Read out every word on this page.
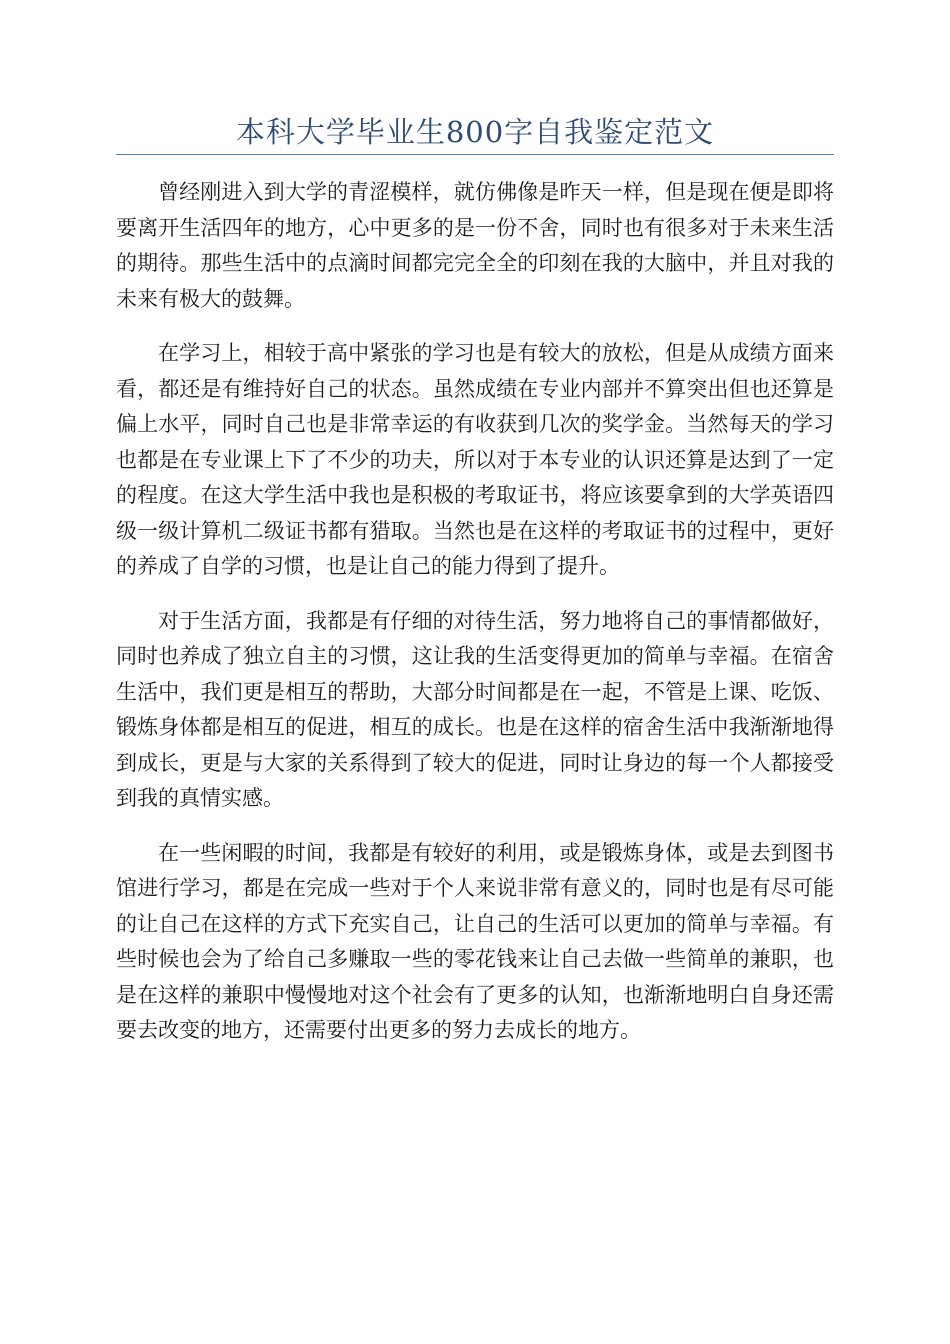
本科大学毕业生800字自我鉴定范文

曾经刚进入到大学的青涩模样，就仿佛像是昨天一样，但是现在便是即将要离开生活四年的地方，心中更多的是一份不舍，同时也有很多对于未来生活的期待。那些生活中的点滴时间都完完全全的印刻在我的大脑中，并且对我的未来有极大的鼓舞。

在学习上，相较于高中紧张的学习也是有较大的放松，但是从成绩方面来看，都还是有维持好自己的状态。虽然成绩在专业内部并不算突出但也还算是偏上水平，同时自己也是非常幸运的有收获到几次的奖学金。当然每天的学习也都是在专业课上下了不少的功夫，所以对于本专业的认识还算是达到了一定的程度。在这大学生活中我也是积极的考取证书，将应该要拿到的大学英语四级一级计算机二级证书都有猎取。当然也是在这样的考取证书的过程中，更好的养成了自学的习惯，也是让自己的能力得到了提升。

对于生活方面，我都是有仔细的对待生活，努力地将自己的事情都做好，同时也养成了独立自主的习惯，这让我的生活变得更加的简单与幸福。在宿舍生活中，我们更是相互的帮助，大部分时间都是在一起，不管是上课、吃饭、锻炼身体都是相互的促进，相互的成长。也是在这样的宿舍生活中我渐渐地得到成长，更是与大家的关系得到了较大的促进，同时让身边的每一个人都接受到我的真情实感。

在一些闲暇的时间，我都是有较好的利用，或是锻炼身体，或是去到图书馆进行学习，都是在完成一些对于个人来说非常有意义的，同时也是有尽可能的让自己在这样的方式下充实自己，让自己的生活可以更加的简单与幸福。有些时候也会为了给自己多赚取一些的零花钱来让自己去做一些简单的兼职，也是在这样的兼职中慢慢地对这个社会有了更多的认知，也渐渐地明白自身还需要去改变的地方，还需要付出更多的努力去成长的地方。
